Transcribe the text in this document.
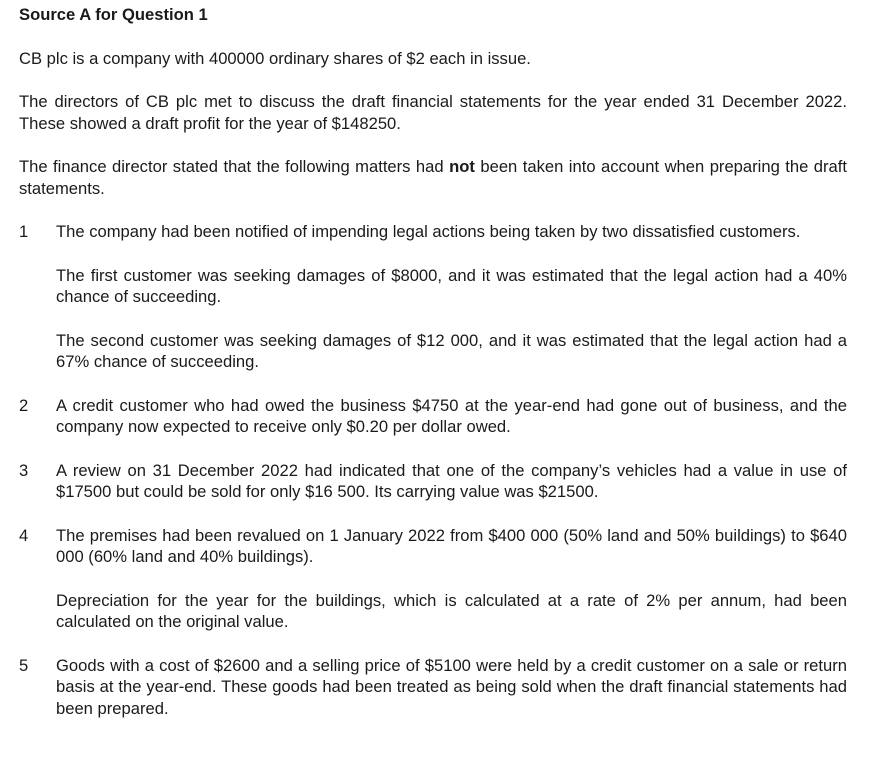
Source A for Question 1

CB plc is a company with 400000 ordinary shares of $2 each in issue.

The directors of CB plc met to discuss the draft financial statements for the year ended 31 December 2022. These showed a draft profit for the year of $148250.

The finance director stated that the following matters had not been taken into account when preparing the draft statements.

1 The company had been notified of impending legal actions being taken by two dissatisfied customers.

The first customer was seeking damages of $8000, and it was estimated that the legal action had a 40% chance of succeeding.

The second customer was seeking damages of $12 000, and it was estimated that the legal action had a 67% chance of succeeding.

2 A credit customer who had owed the business $4750 at the year-end had gone out of business, and the company now expected to receive only $0.20 per dollar owed.

3 A review on 31 December 2022 had indicated that one of the company’s vehicles had a value in use of $17500 but could be sold for only $16 500. Its carrying value was $21500.

4 The premises had been revalued on 1 January 2022 from $400 000 (50% land and 50% buildings) to $640 000 (60% land and 40% buildings).

Depreciation for the year for the buildings, which is calculated at a rate of 2% per annum, had been calculated on the original value.

5 Goods with a cost of $2600 and a selling price of $5100 were held by a credit customer on a sale or return basis at the year-end. These goods had been treated as being sold when the draft financial statements had been prepared.
